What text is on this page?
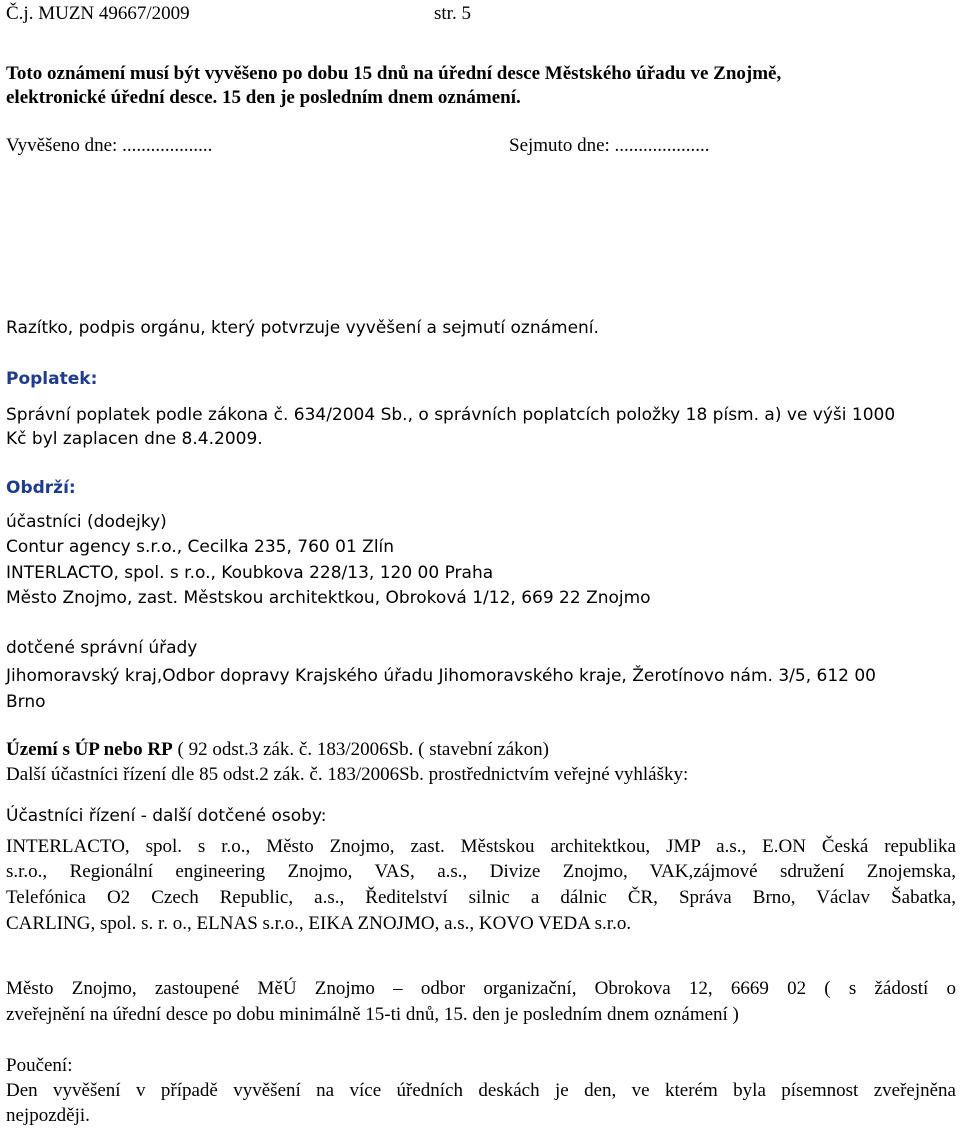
Č.j. MUZN 49667/2009	str. 5
Toto oznámení musí být vyvěšeno po dobu 15 dnů na úřední desce Městského úřadu ve Znojmě,
elektronické úřední desce. 15 den je posledním dnem oznámení.
Vyvěšeno dne: ...................	Sejmuto dne: ....................
Razítko, podpis orgánu, který potvrzuje vyvěšení a sejmutí oznámení.
Poplatek:
Správní poplatek podle zákona č. 634/2004 Sb., o správních poplatcích položky 18 písm. a) ve výši 1000
Kč byl zaplacen dne 8.4.2009.
Obdrží:
účastníci (dodejky)
Contur agency s.r.o., Cecilka 235, 760 01 Zlín
INTERLACTO, spol. s r.o., Koubkova 228/13, 120 00 Praha
Město Znojmo, zast. Městskou architektkou, Obroková 1/12, 669 22 Znojmo
dotčené správní úřady
Jihomoravský kraj,Odbor dopravy Krajského úřadu Jihomoravského kraje, Žerotínovo nám. 3/5, 612 00
Brno
Území s ÚP nebo RP ( 92 odst.3 zák. č. 183/2006Sb. ( stavební zákon)
Další účastníci řízení dle 85 odst.2 zák. č. 183/2006Sb. prostřednictvím veřejné vyhlášky:
Účastníci řízení - další dotčené osoby:
INTERLACTO, spol. s r.o., Město Znojmo, zast. Městskou architektkou, JMP a.s., E.ON Česká republika
s.r.o., Regionální engineering Znojmo, VAS, a.s., Divize Znojmo, VAK,zájmové sdružení Znojemska,
Telefónica O2 Czech Republic, a.s., Ředitelství silnic a dálnic ČR, Správa Brno, Václav Šabatka,
CARLING, spol. s. r. o., ELNAS s.r.o., EIKA ZNOJMO, a.s., KOVO VEDA s.r.o.
Město Znojmo, zastoupené MěÚ Znojmo – odbor organizační, Obrokova 12, 6669 02 ( s žádostí o
zveřejnění na úřední desce po dobu minimálně 15-ti dnů, 15. den je posledním dnem oznámení )
Poučení:
Den vyvěšení v případě vyvěšení na více úředních deskách je den, ve kterém byla písemnost zveřejněna
nejpozději.
